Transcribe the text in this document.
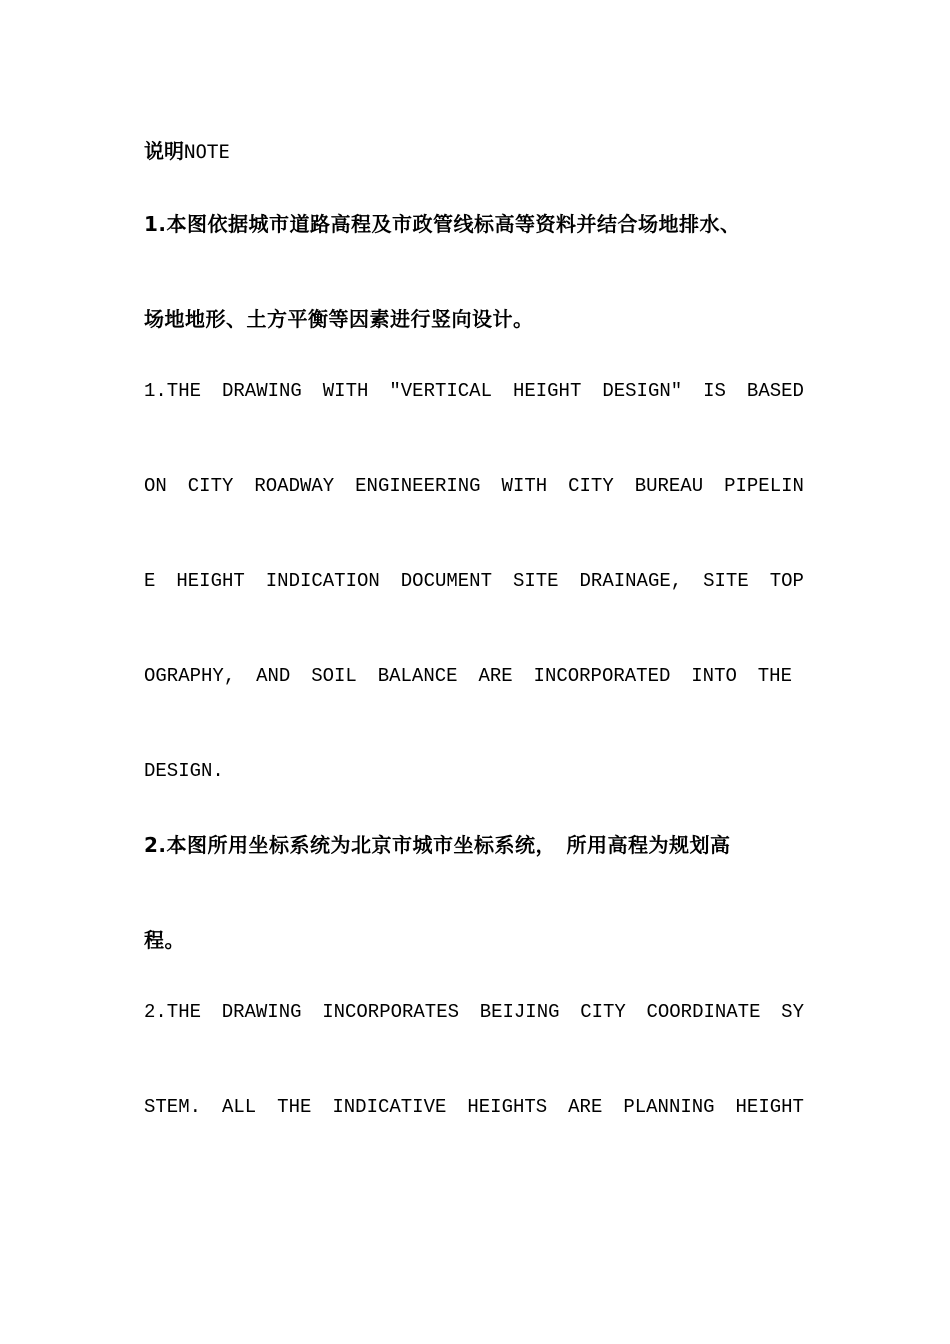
说明NOTE
1.本图依据城市道路高程及市政管线标高等资料并结合场地排水、
场地地形、土方平衡等因素进行竖向设计。
1.THE DRAWING WITH "VERTICAL HEIGHT DESIGN" IS BASED
ON CITY ROADWAY ENGINEERING WITH CITY BUREAU PIPELIN
E HEIGHT INDICATION DOCUMENT SITE DRAINAGE, SITE TOP
OGRAPHY, AND SOIL BALANCE ARE INCORPORATED INTO THE
DESIGN.
2.本图所用坐标系统为北京市城市坐标系统，　所用高程为规划高
程。
2.THE DRAWING INCORPORATES BEIJING CITY COORDINATE SY
STEM. ALL THE INDICATIVE HEIGHTS ARE PLANNING HEIGHT
